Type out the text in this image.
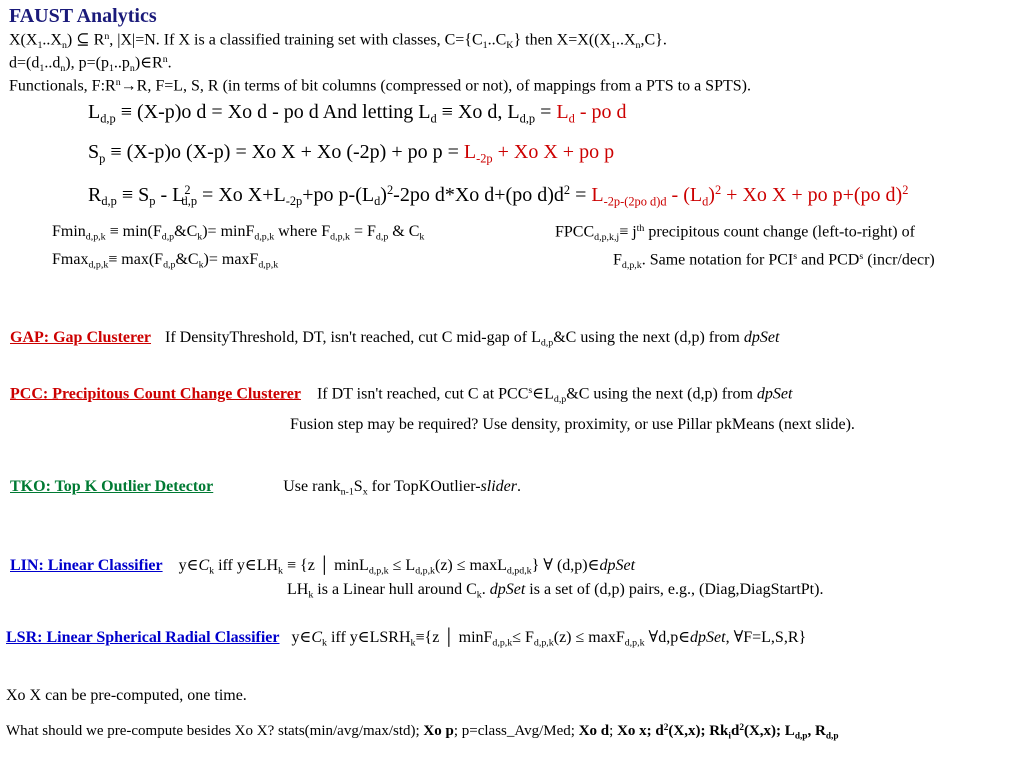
FAUST Analytics
$X(X_1..X_n)$ ⊆ $R^n$, |X|=N. If X is a classified training set with classes, $C=\{C_1..C_K\}$ then $X=X((X_1..X_n,C\}$.
$d=(d_1..d_n)$, $p=(p_1..p_n)\in R^n$.
Functionals, $F:R^n\to R$, F=L, S, R (in terms of bit columns (compressed or not), of mappings from a PTS to a SPTS).
$L_{d,p} \equiv (X-p)o$ d = Xo d - po d And letting $L_d \equiv Xo$ d, $L_{d,p} = L_d$ - po d
$S_p \equiv (X-p)o$ (X-p) = Xo X + Xo (-2p) + po $p = L_{-2p} + Xo$ X + po p
$R_{d,p} \equiv S_p - L^2_{d,p} = Xo$ $X+L_{-2p}+po$ $p-(L_d)^2-2po$ d*Xo d+(po $d)d^2 = L_{-2p-(2po d)d} - (L_d)^2 + Xo$ X + po p+(po d)$^2$
$Fmin_{d,p,k} \equiv \min(F_{d,p}\&C_k)= \min F_{d,p,k}$ where $F_{d,p,k} = F_{d,p}$ & $C_k$
$Fmax_{d,p,k}\equiv \max(F_{d,p}\&C_k)= \max F_{d,p,k}$
$FPCC_{d,p,k,j}\equiv j^{th}$ precipitous count change (left-to-right) of
$F_{d,p,k}$. Same notation for PCI$^s$ and PCD$^s$ (incr/decr)
GAP: Gap Clusterer If DensityThreshold, DT, isn't reached, cut C mid-gap of $L_{d,p}\&C$ using the next (d,p) from dpSet
PCC: Precipitous Count Change Clusterer If DT isn't reached, cut C at $PCC^s\in L_{d,p}\&C$ using the next (d,p) from dpSet
Fusion step may be required? Use density, proximity, or use Pillar pkMeans (next slide).
TKO: Top K Outlier Detector	Use $rank_{n-1}S_x$ for TopKOutlier-slider.
LIN: Linear Classifier $y\in C_k$ iff $y\in LH_k \equiv \{z$ │ $\min L_{d,p,k} \le L_{d,p,k}(z) \le \max L_{d,pd,k}$} ∀ (d,p)∈dpSet
$LH_k$ is a Linear hull around $C_k$. dpSet is a set of (d,p) pairs, e.g., (Diag,DiagStartPt).
LSR: Linear Spherical Radial Classifier $y\in C_k$ iff $y\in LSRH_k\equiv\{z$ │ $\min F_{d,p,k}\le F_{d,p,k}(z) \le \max F_{d,p,k}$ ∀d,p∈dpSet, ∀F=L,S,R}
Xo X can be pre-computed, one time.
What should we pre-compute besides Xo X? stats(min/avg/max/std); Xo p; p=class_Avg/Med; Xo d; Xo x; $d^2(X,x)$; $Rk_id^2(X,x)$; $L_{d,p}$, $R_{d,p}$
